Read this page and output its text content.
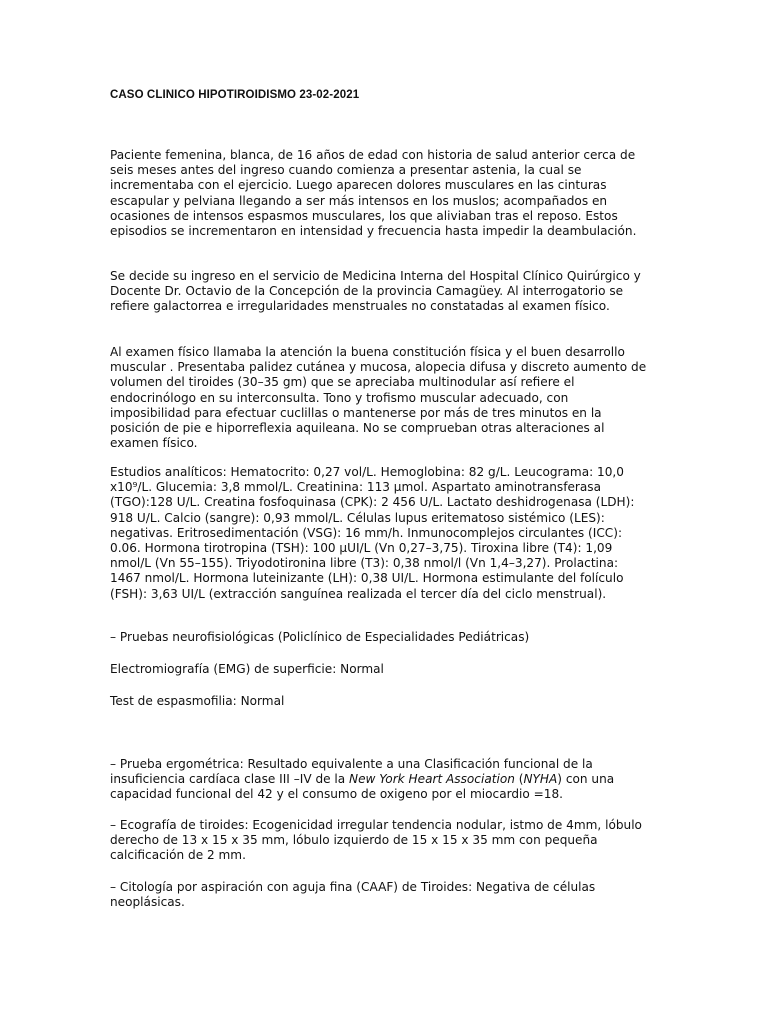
CASO CLINICO HIPOTIROIDISMO 23-02-2021

Paciente femenina, blanca, de 16 años de edad con historia de salud anterior cerca de seis meses antes del ingreso cuando comienza a presentar astenia, la cual se incrementaba con el ejercicio. Luego aparecen dolores musculares en las cinturas escapular y pelviana llegando a ser más intensos en los muslos; acompañados en ocasiones de intensos espasmos musculares, los que aliviaban tras el reposo. Estos episodios se incrementaron en intensidad y frecuencia hasta impedir la deambulación.

Se decide su ingreso en el servicio de Medicina Interna del Hospital Clínico Quirúrgico y Docente Dr. Octavio de la Concepción de la provincia Camagüey. Al interrogatorio se refiere galactorrea e irregularidades menstruales no constatadas al examen físico.

Al examen físico llamaba la atención la buena constitución física y el buen desarrollo muscular . Presentaba palidez cutánea y mucosa, alopecia difusa y discreto aumento de volumen del tiroides (30–35 gm) que se apreciaba multinodular así refiere el endocrinólogo en su interconsulta. Tono y trofismo muscular adecuado, con imposibilidad para efectuar cuclillas o mantenerse por más de tres minutos en la posición de pie e hiporreflexia aquileana. No se comprueban otras alteraciones al examen físico.

Estudios analíticos: Hematocrito: 0,27 vol/L. Hemoglobina: 82 g/L. Leucograma: 10,0 x10⁹/L. Glucemia: 3,8 mmol/L. Creatinina: 113 µmol. Aspartato aminotransferasa (TGO):128 U/L. Creatina fosfoquinasa (CPK): 2 456 U/L. Lactato deshidrogenasa (LDH): 918 U/L. Calcio (sangre): 0,93 mmol/L. Células lupus eritematoso sistémico (LES): negativas. Eritrosedimentación (VSG): 16 mm/h. Inmunocomplejos circulantes (ICC): 0.06. Hormona tirotropina (TSH): 100 µUI/L (Vn 0,27–3,75). Tiroxina libre (T4): 1,09 nmol/L (Vn 55–155). Triyodotironina libre (T3): 0,38 nmol/l (Vn 1,4–3,27). Prolactina: 1467 nmol/L. Hormona luteinizante (LH): 0,38 UI/L. Hormona estimulante del folículo (FSH): 3,63 UI/L (extracción sanguínea realizada el tercer día del ciclo menstrual).

– Pruebas neurofisiológicas (Policlínico de Especialidades Pediátricas)

Electromiografía (EMG) de superficie: Normal

Test de espasmofilia: Normal

– Prueba ergométrica: Resultado equivalente a una Clasificación funcional de la insuficiencia cardíaca clase III –IV de la New York Heart Association (NYHA) con una capacidad funcional del 42 y el consumo de oxigeno por el miocardio =18.

– Ecografía de tiroides: Ecogenicidad irregular tendencia nodular, istmo de 4mm, lóbulo derecho de 13 x 15 x 35 mm, lóbulo izquierdo de 15 x 15 x 35 mm con pequeña calcificación de 2 mm.

– Citología por aspiración con aguja fina (CAAF) de Tiroides: Negativa de células neoplásicas.
